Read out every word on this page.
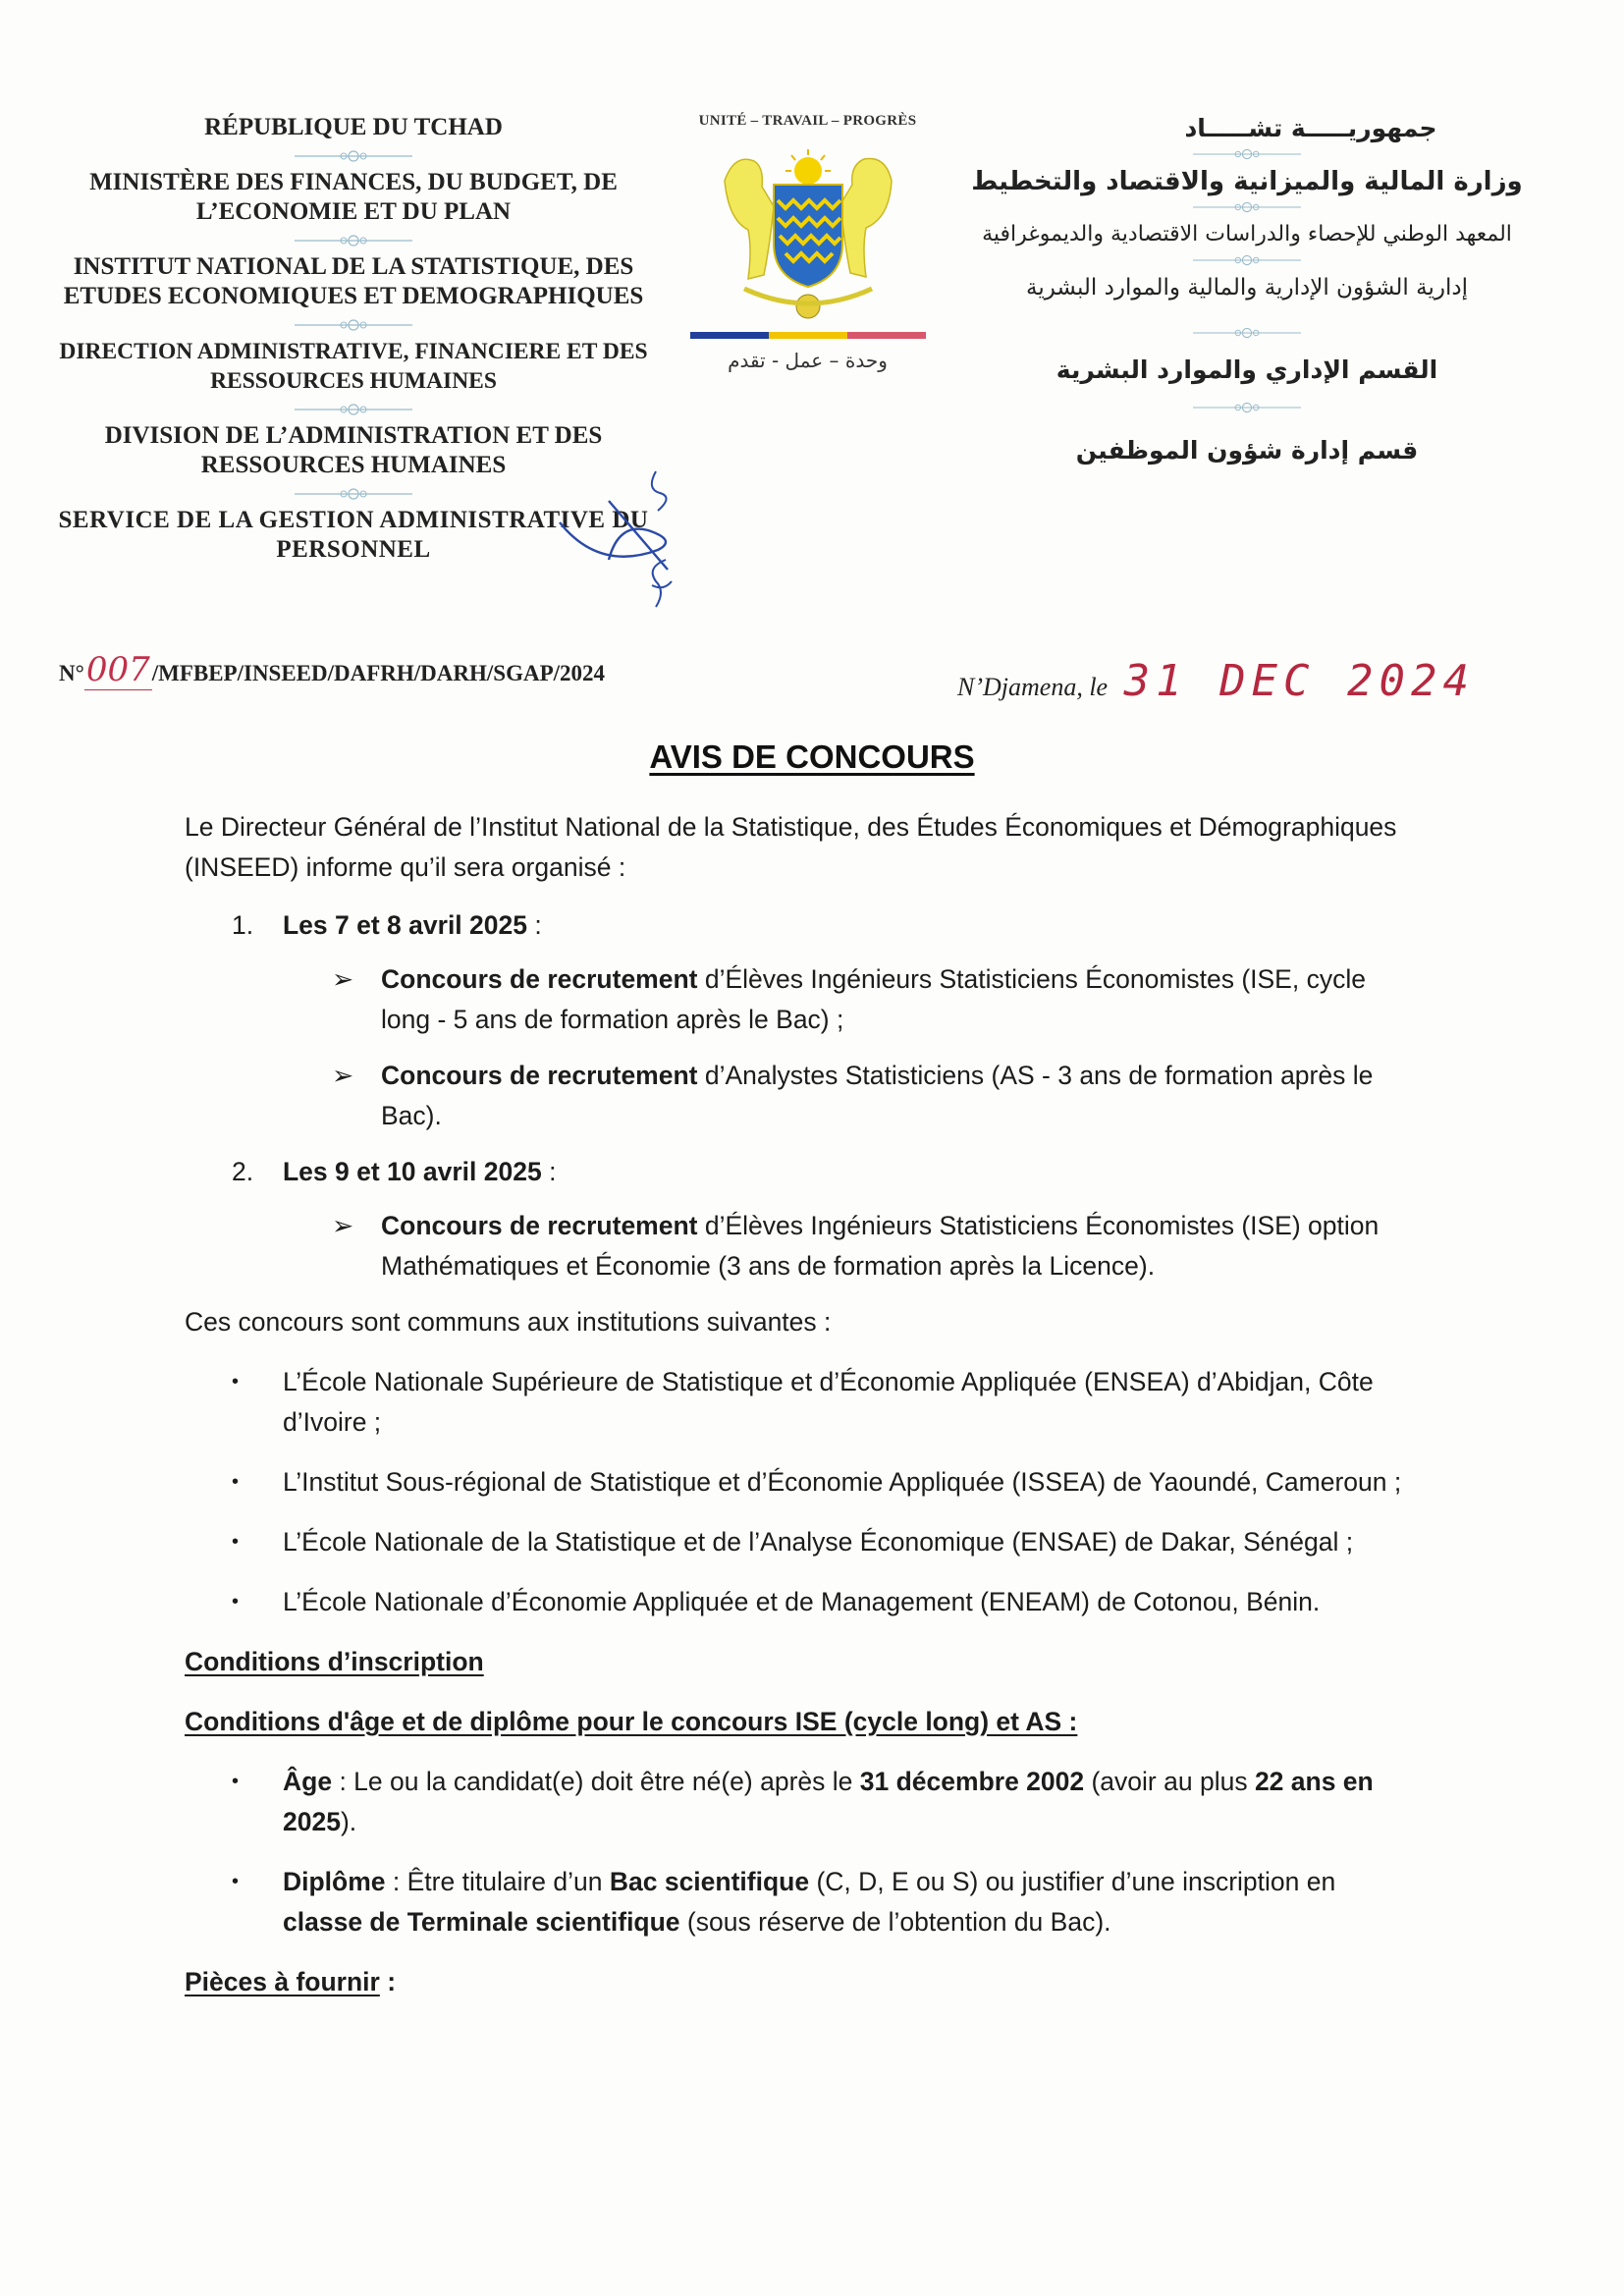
RÉPUBLIQUE DU TCHAD
MINISTÈRE DES FINANCES, DU BUDGET, DE L’ECONOMIE ET DU PLAN
INSTITUT NATIONAL DE LA STATISTIQUE, DES ETUDES ECONOMIQUES ET DEMOGRAPHIQUES
DIRECTION ADMINISTRATIVE, FINANCIERE ET DES RESSOURCES HUMAINES
DIVISION DE L’ADMINISTRATION ET DES RESSOURCES HUMAINES
SERVICE DE LA GESTION ADMINISTRATIVE DU PERSONNEL
UNITÉ – TRAVAIL – PROGRÈS
وحدة – عمل - تقدم
جمهوريـــــة تشـــــاد
وزارة المالية والميزانية والاقتصاد والتخطيط
المعهد الوطني للإحصاء والدراسات الاقتصادية والديموغرافية
إدارية الشؤون الإدارية والمالية والموارد البشرية
القسم الإداري والموارد البشرية
قسم إدارة شؤون الموظفين
N°007/MFBEP/INSEED/DAFRH/DARH/SGAP/2024	N’Djamena, le 31 DEC 2024
AVIS DE CONCOURS
Le Directeur Général de l’Institut National de la Statistique, des Études Économiques et Démographiques (INSEED) informe qu’il sera organisé :
1. Les 7 et 8 avril 2025 :
➢ Concours de recrutement d’Élèves Ingénieurs Statisticiens Économistes (ISE, cycle long - 5 ans de formation après le Bac) ;
➢ Concours de recrutement d’Analystes Statisticiens (AS - 3 ans de formation après le Bac).
2. Les 9 et 10 avril 2025 :
➢ Concours de recrutement d’Élèves Ingénieurs Statisticiens Économistes (ISE) option Mathématiques et Économie (3 ans de formation après la Licence).
Ces concours sont communs aux institutions suivantes :
• L’École Nationale Supérieure de Statistique et d’Économie Appliquée (ENSEA) d’Abidjan, Côte d’Ivoire ;
• L’Institut Sous-régional de Statistique et d’Économie Appliquée (ISSEA) de Yaoundé, Cameroun ;
• L’École Nationale de la Statistique et de l’Analyse Économique (ENSAE) de Dakar, Sénégal ;
• L’École Nationale d’Économie Appliquée et de Management (ENEAM) de Cotonou, Bénin.
Conditions d’inscription
Conditions d'âge et de diplôme pour le concours ISE (cycle long) et AS :
• Âge : Le ou la candidat(e) doit être né(e) après le 31 décembre 2002 (avoir au plus 22 ans en 2025).
• Diplôme : Être titulaire d’un Bac scientifique (C, D, E ou S) ou justifier d’une inscription en classe de Terminale scientifique (sous réserve de l’obtention du Bac).
Pièces à fournir :
